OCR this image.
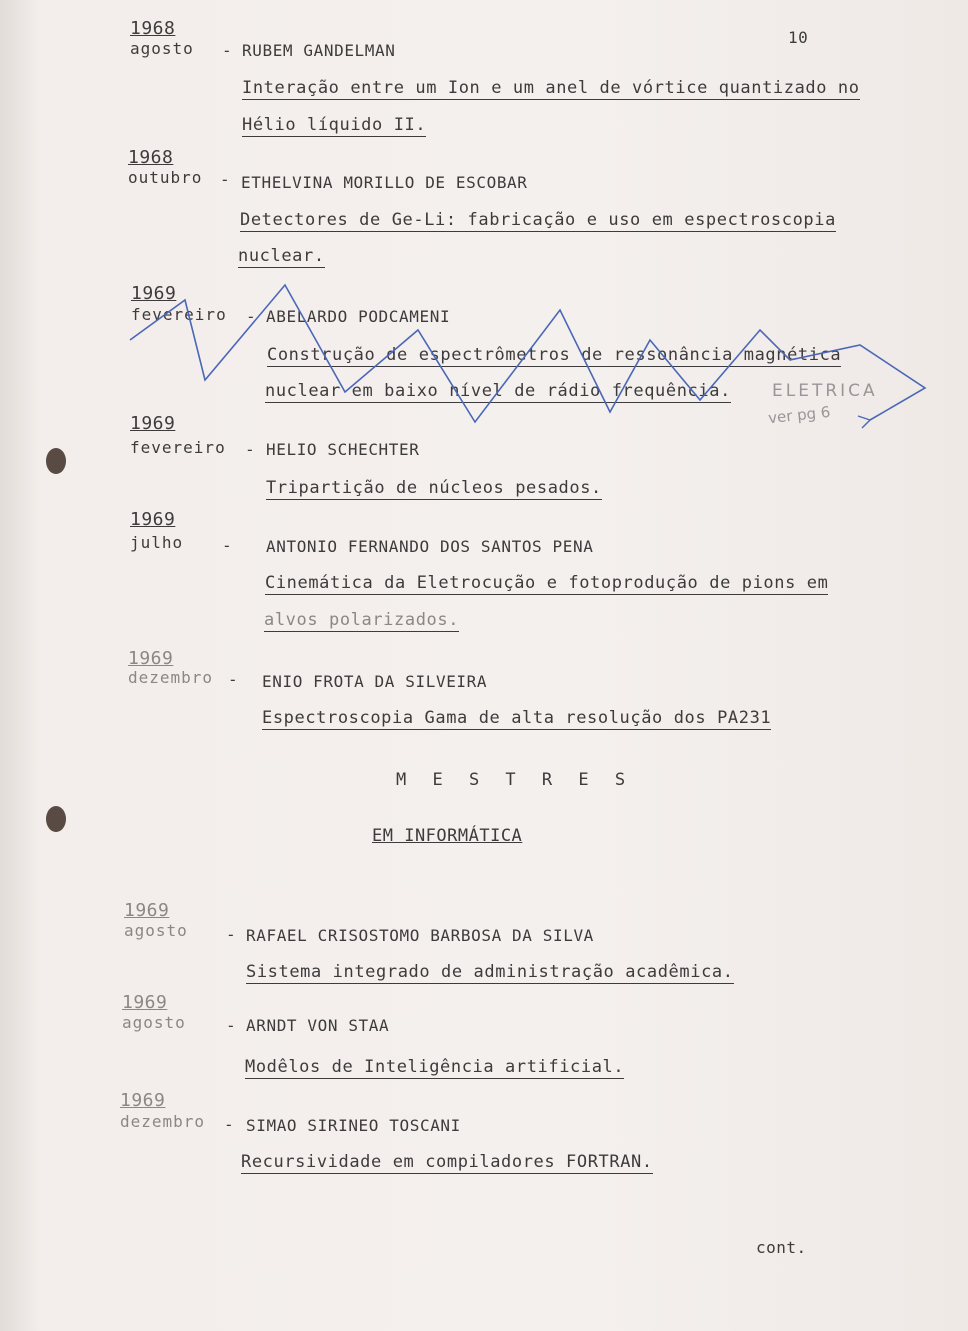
10
1968
agosto - RUBEM GANDELMAN
Interação entre um Ion e um anel de vórtice quantizado no
Hélio líquido II.
1968
outubro - ETHELVINA MORILLO DE ESCOBAR
Detectores de Ge-Li: fabricação e uso em espectroscopia
nuclear.
1969
fevereiro - ABELARDO PODCAMENI
Construção de espectrômetros de ressonância magnética
nuclear em baixo nível de rádio frequência. ELETRICA
ver pg 6
1969
fevereiro - HELIO SCHECHTER
Tripartição de núcleos pesados.
1969
julho - ANTONIO FERNANDO DOS SANTOS PENA
Cinemática da Eletrocução e fotoprodução de pions em
alvos polarizados.
1969
dezembro - ENIO FROTA DA SILVEIRA
Espectroscopia Gama de alta resolução dos PA231
M E S T R E S
EM INFORMÁTICA
1969
agosto - RAFAEL CRISOSTOMO BARBOSA DA SILVA
Sistema integrado de administração acadêmica.
1969
agosto	- ARNDT VON STAA
Modêlos de Inteligência artificial.
1969
dezembro - SIMAO SIRINEO TOSCANI
Recursividade em compiladores FORTRAN.
cont.
